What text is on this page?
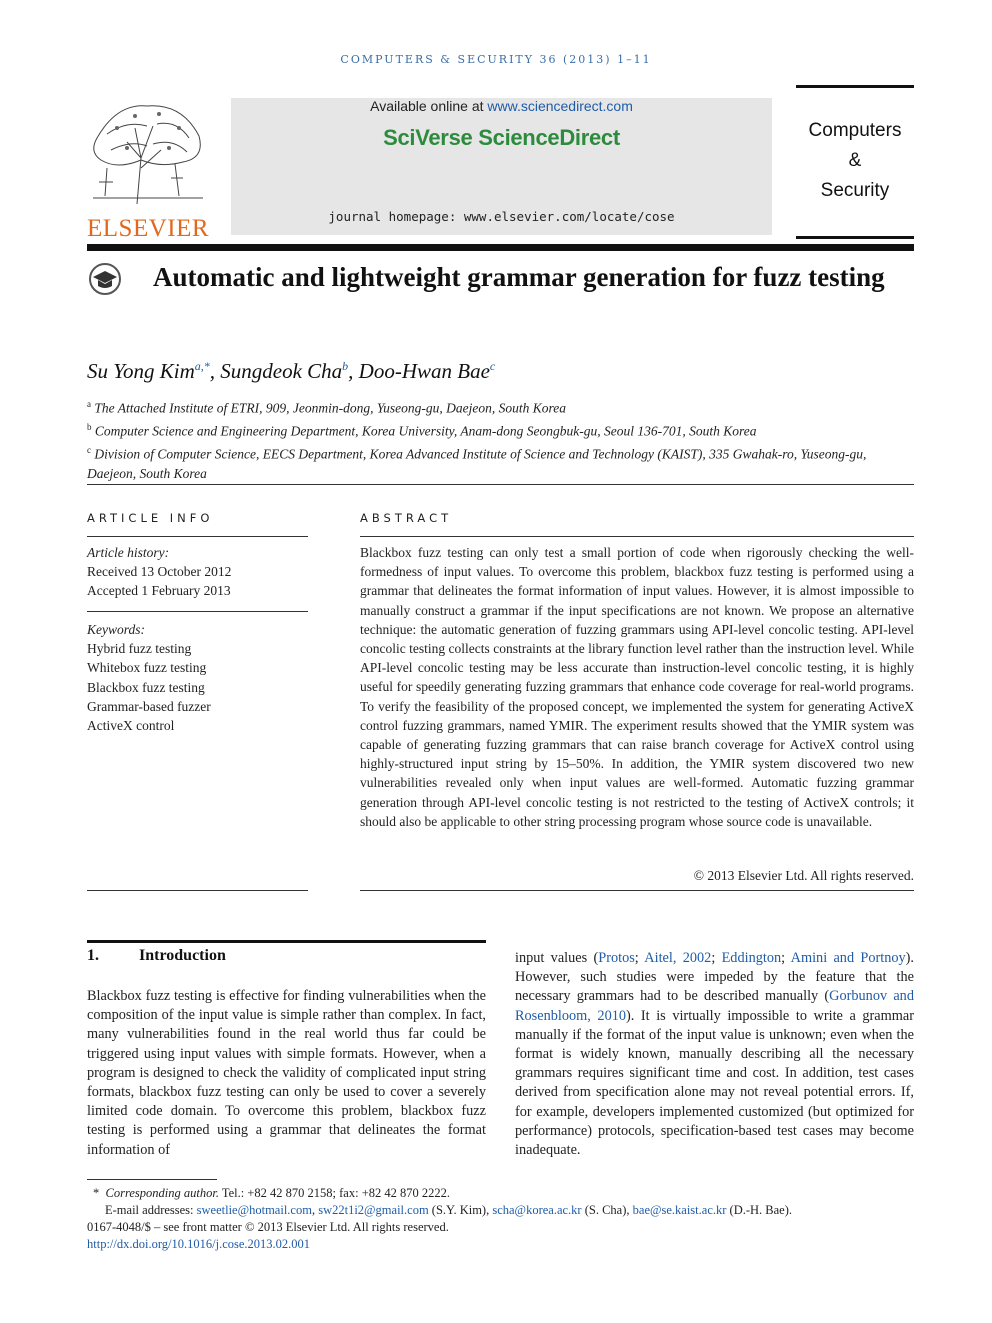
COMPUTERS & SECURITY 36 (2013) 1–11
ELSEVIER
Available online at www.sciencedirect.com
SciVerse ScienceDirect
journal homepage: www.elsevier.com/locate/cose
Computers
&
Security
Automatic and lightweight grammar generation for fuzz testing
Su Yong Kim$^{a,*}$, Sungdeok Cha$^b$, Doo-Hwan Bae$^c$
$^a$ The Attached Institute of ETRI, 909, Jeonmin-dong, Yuseong-gu, Daejeon, South Korea
$^b$ Computer Science and Engineering Department, Korea University, Anam-dong Seongbuk-gu, Seoul 136-701, South Korea
$^c$ Division of Computer Science, EECS Department, Korea Advanced Institute of Science and Technology (KAIST), 335 Gwahak-ro, Yuseong-gu, Daejeon, South Korea
ARTICLE INFO
Article history:
Received 13 October 2012
Accepted 1 February 2013
Keywords:
Hybrid fuzz testing
Whitebox fuzz testing
Blackbox fuzz testing
Grammar-based fuzzer
ActiveX control
ABSTRACT
Blackbox fuzz testing can only test a small portion of code when rigorously checking the well-formedness of input values. To overcome this problem, blackbox fuzz testing is performed using a grammar that delineates the format information of input values. However, it is almost impossible to manually construct a grammar if the input specifications are not known. We propose an alternative technique: the automatic generation of fuzzing grammars using API-level concolic testing. API-level concolic testing collects constraints at the library function level rather than the instruction level. While API-level concolic testing may be less accurate than instruction-level concolic testing, it is highly useful for speedily generating fuzzing grammars that enhance code coverage for real-world programs. To verify the feasibility of the proposed concept, we implemented the system for generating ActiveX control fuzzing grammars, named YMIR. The experiment results showed that the YMIR system was capable of generating fuzzing grammars that can raise branch coverage for ActiveX control using highly-structured input string by 15–50%. In addition, the YMIR system discovered two new vulnerabilities revealed only when input values are well-formed. Automatic fuzzing grammar generation through API-level concolic testing is not restricted to the testing of ActiveX controls; it should also be applicable to other string processing program whose source code is unavailable.
© 2013 Elsevier Ltd. All rights reserved.
1.	Introduction
Blackbox fuzz testing is effective for finding vulnerabilities when the composition of the input value is simple rather than complex. In fact, many vulnerabilities found in the real world thus far could be triggered using input values with simple formats. However, when a program is designed to check the validity of complicated input string formats, blackbox fuzz testing can only be used to cover a severely limited code domain. To overcome this problem, blackbox fuzz testing is performed using a grammar that delineates the format information of
input values (Protos; Aitel, 2002; Eddington; Amini and Portnoy). However, such studies were impeded by the feature that the necessary grammars had to be described manually (Gorbunov and Rosenbloom, 2010). It is virtually impossible to write a grammar manually if the format of the input value is unknown; even when the format is widely known, manually describing all the necessary grammars requires significant time and cost. In addition, test cases derived from specification alone may not reveal potential errors. If, for example, developers implemented customized (but optimized for performance) protocols, specification-based test cases may become inadequate.
* Corresponding author. Tel.: +82 42 870 2158; fax: +82 42 870 2222.
E-mail addresses: sweetlie@hotmail.com, sw22t1i2@gmail.com (S.Y. Kim), scha@korea.ac.kr (S. Cha), bae@se.kaist.ac.kr (D.-H. Bae).
0167-4048/$ – see front matter © 2013 Elsevier Ltd. All rights reserved.
http://dx.doi.org/10.1016/j.cose.2013.02.001
